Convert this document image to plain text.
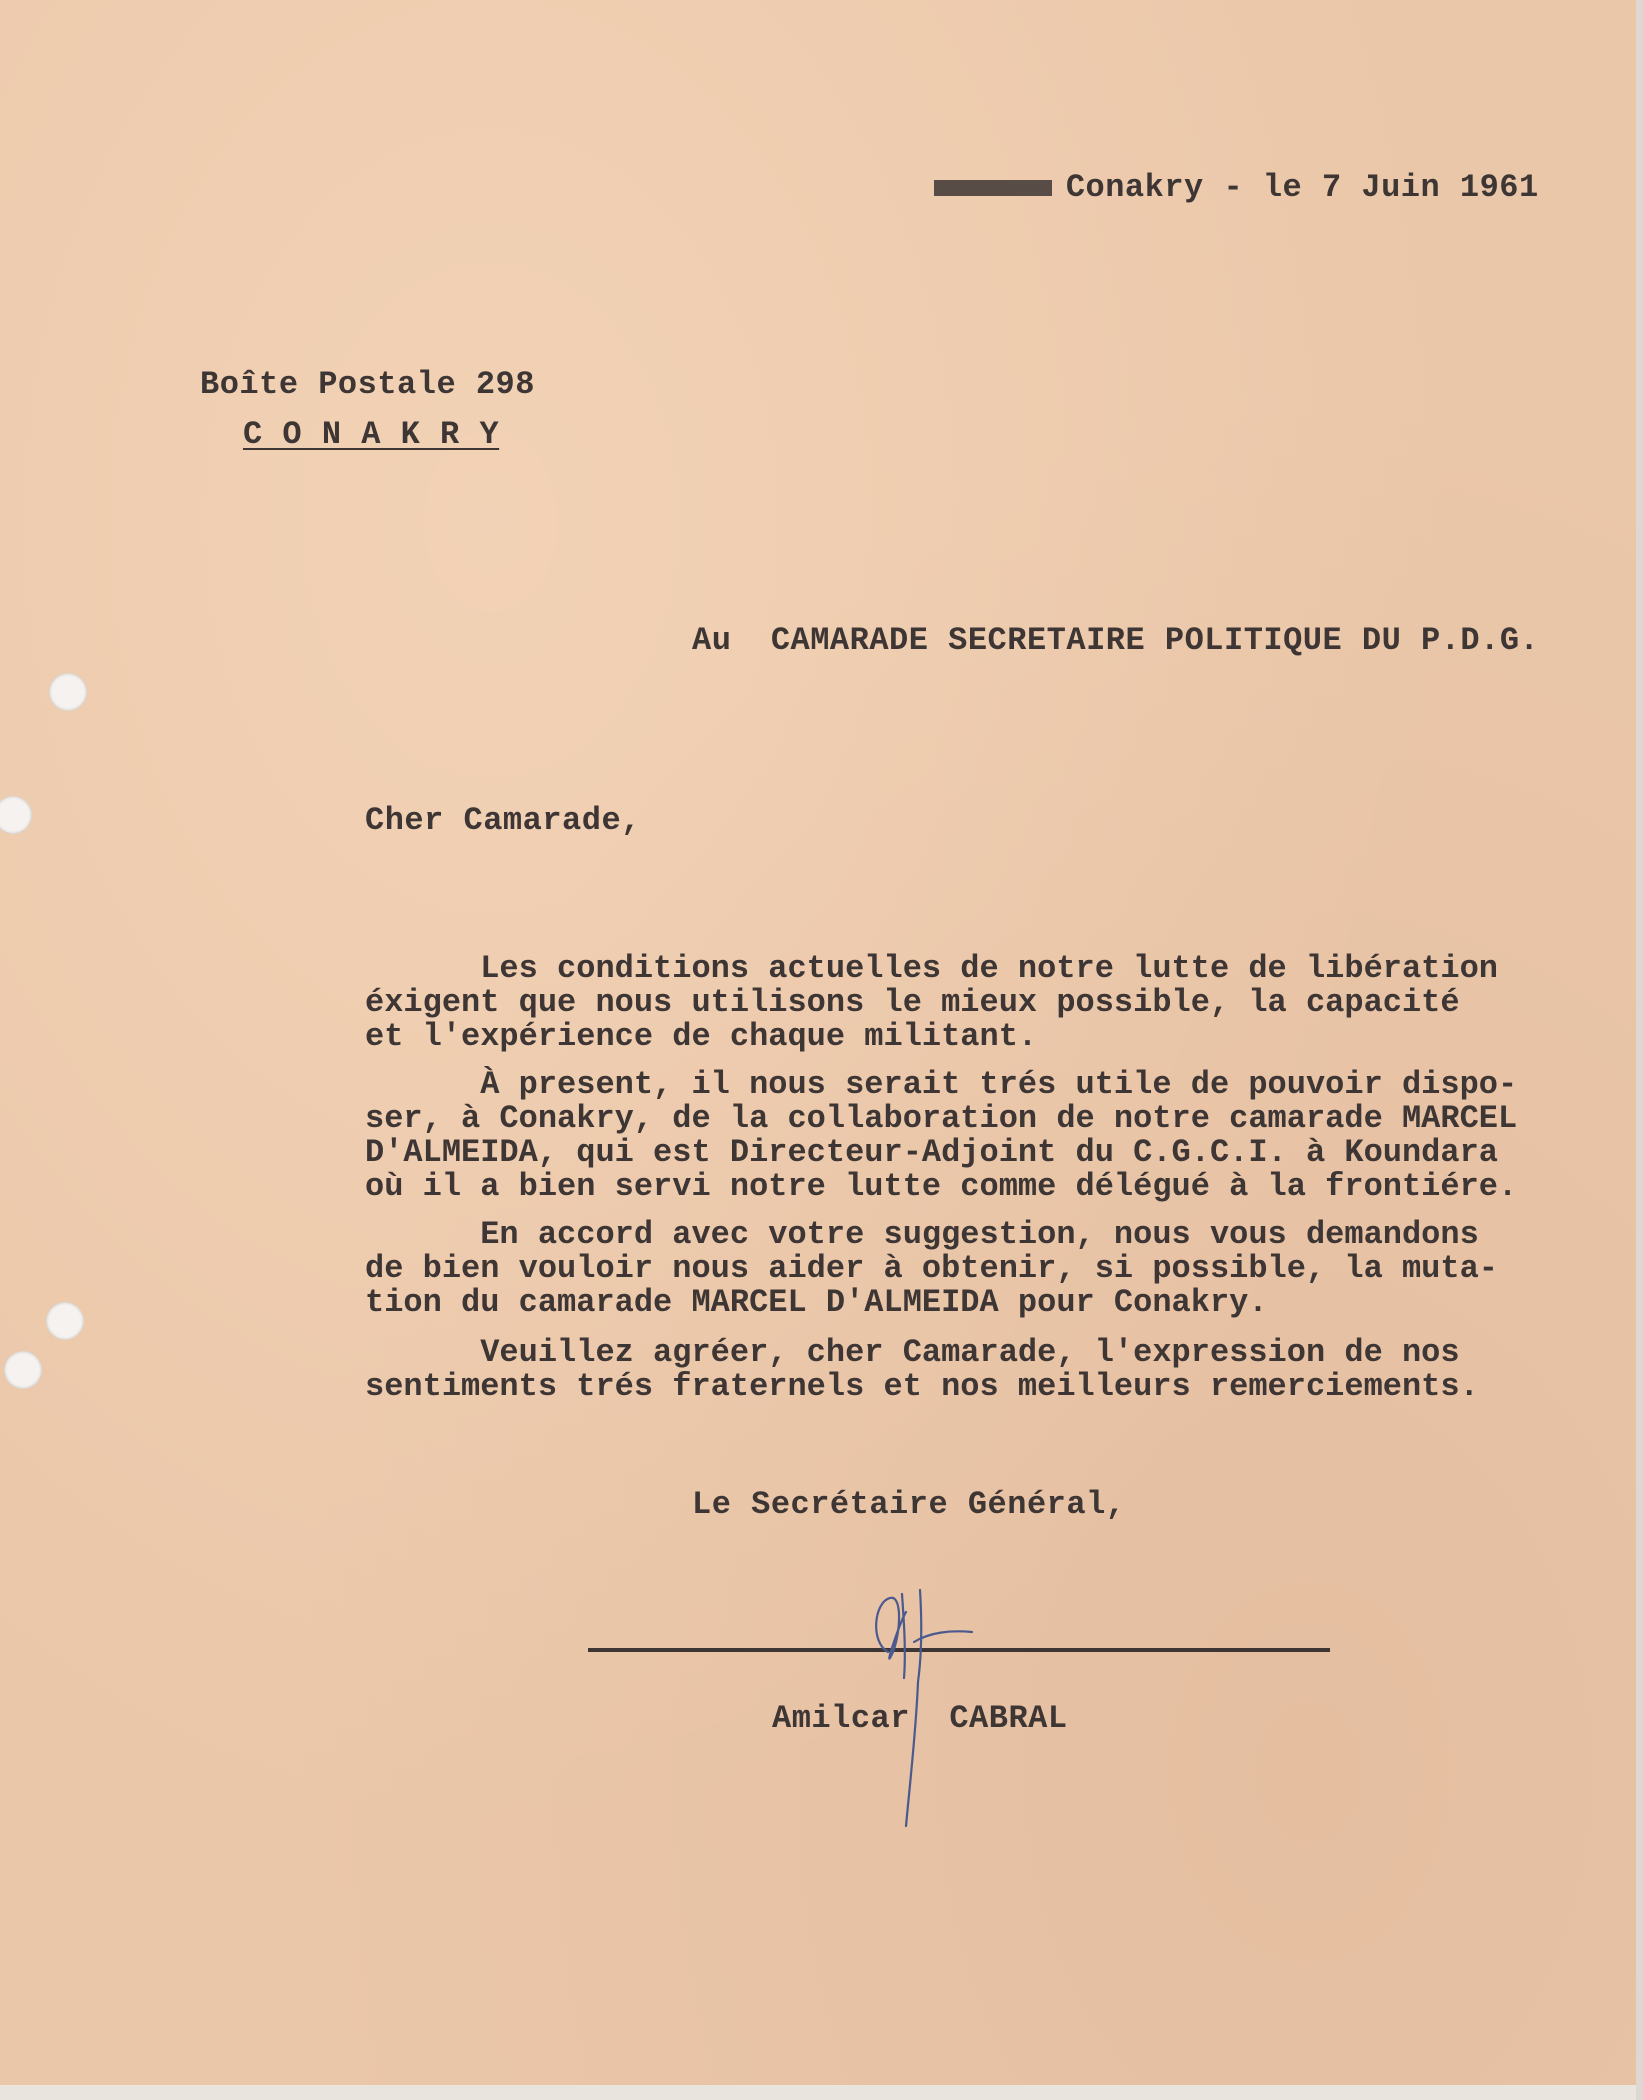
Conakry - le 7 Juin 1961

Boîte Postale 298
C O N A K R Y
Au  CAMARADE SECRETAIRE POLITIQUE DU P.D.G.
Cher Camarade,
Les conditions actuelles de notre lutte de libération
éxigent que nous utilisons le mieux possible, la capacité
et l'expérience de chaque militant.
À present, il nous serait trés utile de pouvoir dispo-
ser, à Conakry, de la collaboration de notre camarade MARCEL
D'ALMEIDA, qui est Directeur-Adjoint du C.G.C.I. à Koundara
où il a bien servi notre lutte comme délégué à la frontiére.
En accord avec votre suggestion, nous vous demandons
de bien vouloir nous aider à obtenir, si possible, la muta-
tion du camarade MARCEL D'ALMEIDA pour Conakry.
Veuillez agréer, cher Camarade, l'expression de nos
sentiments trés fraternels et nos meilleurs remerciements.
Le Secrétaire Général,
Amilcar  CABRAL
